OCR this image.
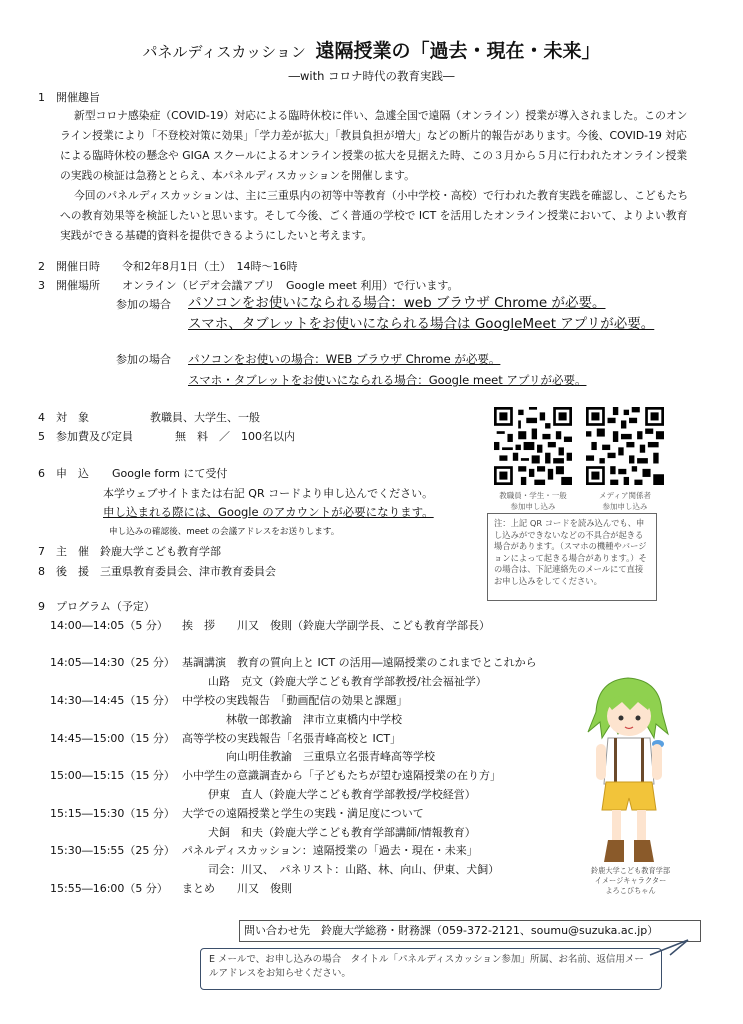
パネルディスカッション 遠隔授業の「過去・現在・未来」
―with コロナ時代の教育実践―
1　開催趣旨
新型コロナ感染症（COVID-19）対応による臨時休校に伴い、急遽全国で遠隔（オンライン）授業が導入されました。このオンライン授業により「不登校対策に効果」「学力差が拡大」「教員負担が増大」などの断片的報告があります。今後、COVID-19 対応による臨時休校の懸念や GIGA スクールによるオンライン授業の拡大を見据えた時、この３月から５月に行われたオンライン授業の実践の検証は急務ととらえ、本パネルディスカッションを開催します。
今回のパネルディスカッションは、主に三重県内の初等中等教育（小中学校・高校）で行われた教育実践を確認し、こどもたちへの教育効果等を検証したいと思います。そして今後、ごく普通の学校で ICT を活用したオンライン授業において、よりよい教育実践ができる基礎的資料を提供できるようにしたいと考えます。
2　開催日時 令和2年8月1日（土）　14時～16時
3　開催場所 オンライン（ビデオ会議アプリ　Google meet 利用）で行います。
参加の場合 パソコンをお使いになられる場合：web ブラウザ Chrome が必要。
スマホ、タブレットをお使いになられる場合は GoogleMeet アプリが必要。
参加の場合 パソコンをお使いの場合：WEB ブラウザ Chrome が必要。
スマホ・タブレットをお使いになられる場合：Google meet アプリが必要。
4　対　象	教職員、大学生、一般
5　参加費及び定員	無　料　／　100名以内
6　申　込 Google form にて受付
本学ウェブサイトまたは右記 QR コードより申し込んでください。
申し込まれる際には、Google のアカウントが必要になります。
申し込みの確認後、meet の会議アドレスをお送りします。
7　主　催 鈴鹿大学こども教育学部
8　後　援 三重県教育委員会、津市教育委員会
教職員・学生・一般
参加申し込み
メディア関係者
参加申し込み
注：上記 QR コードを読み込んでも、申し込みができないなどの不具合が起きる場合があります。（スマホの機種やバージョンによって起きる場合があります。）その場合は、下記連絡先のメールにて直接お申し込みをしてください。
9　プログラム（予定）
14:00―14:05（5 分） 挨　拶　　川又　俊則（鈴鹿大学副学長、こども教育学部長）
14:05―14:30（25 分） 基調講演　教育の質向上と ICT の活用―遠隔授業のこれまでとこれから
山路　克文（鈴鹿大学こども教育学部教授/社会福祉学）
14:30―14:45（15 分） 中学校の実践報告　「動画配信の効果と課題」
林敬一郎教諭　津市立東橋内中学校
14:45―15:00（15 分） 高等学校の実践報告「名張青峰高校と ICT」
向山明佳教諭　三重県立名張青峰高等学校
15:00―15:15（15 分） 小中学生の意識調査から「子どもたちが望む遠隔授業の在り方」
伊東　直人（鈴鹿大学こども教育学部教授/学校経営）
15:15―15:30（15 分） 大学での遠隔授業と学生の実践・満足度について
犬飼　和夫（鈴鹿大学こども教育学部講師/情報教育）
15:30―15:55（25 分） パネルディスカッション：遠隔授業の「過去・現在・未来」
司会：川又、　パネリスト：山路、林、向山、伊東、犬飼）
15:55―16:00（5 分） まとめ　　川又　俊則
鈴鹿大学こども教育学部
イメージキャラクター
よろこびちゃん
問い合わせ先　鈴鹿大学総務・財務課（059-372-2121、soumu@suzuka.ac.jp）
E メールで、お申し込みの場合　タイトル「パネルディスカッション参加」所属、お名前、返信用メールアドレスをお知らせください。
